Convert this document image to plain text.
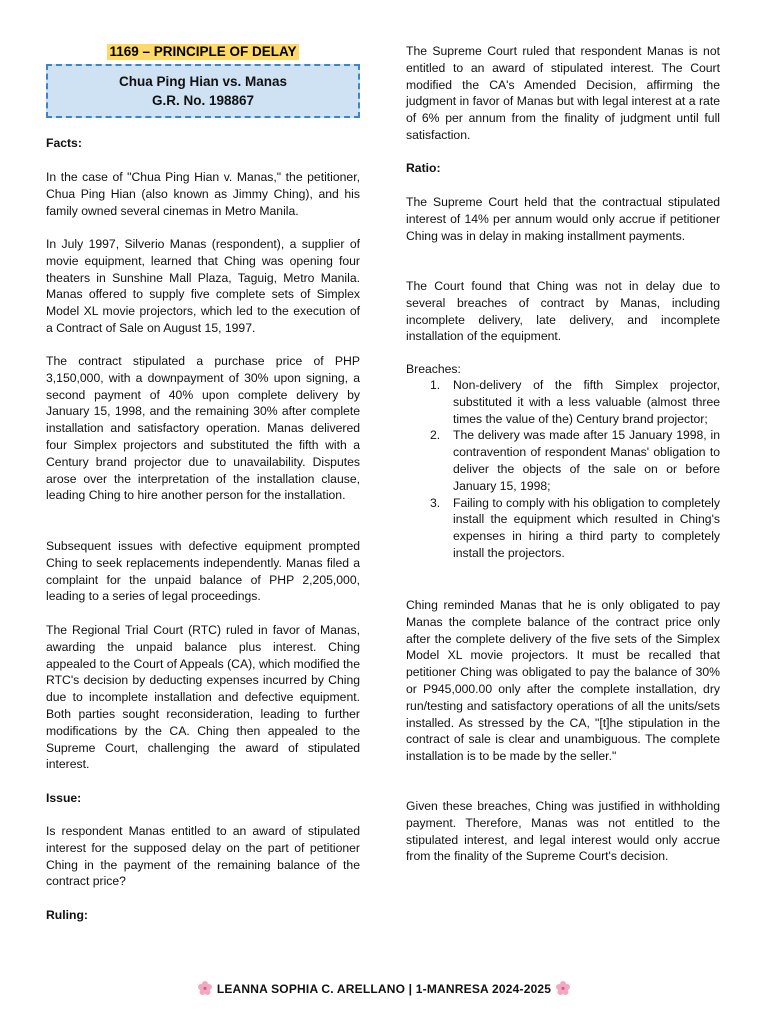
1169 – PRINCIPLE OF DELAY
Chua Ping Hian vs. Manas
G.R. No. 198867

Facts:

In the case of "Chua Ping Hian v. Manas," the petitioner, Chua Ping Hian (also known as Jimmy Ching), and his family owned several cinemas in Metro Manila.

In July 1997, Silverio Manas (respondent), a supplier of movie equipment, learned that Ching was opening four theaters in Sunshine Mall Plaza, Taguig, Metro Manila. Manas offered to supply five complete sets of Simplex Model XL movie projectors, which led to the execution of a Contract of Sale on August 15, 1997.

The contract stipulated a purchase price of PHP 3,150,000, with a downpayment of 30% upon signing, a second payment of 40% upon complete delivery by January 15, 1998, and the remaining 30% after complete installation and satisfactory operation. Manas delivered four Simplex projectors and substituted the fifth with a Century brand projector due to unavailability. Disputes arose over the interpretation of the installation clause, leading Ching to hire another person for the installation.

Subsequent issues with defective equipment prompted Ching to seek replacements independently. Manas filed a complaint for the unpaid balance of PHP 2,205,000, leading to a series of legal proceedings.

The Regional Trial Court (RTC) ruled in favor of Manas, awarding the unpaid balance plus interest. Ching appealed to the Court of Appeals (CA), which modified the RTC's decision by deducting expenses incurred by Ching due to incomplete installation and defective equipment. Both parties sought reconsideration, leading to further modifications by the CA. Ching then appealed to the Supreme Court, challenging the award of stipulated interest.

Issue:

Is respondent Manas entitled to an award of stipulated interest for the supposed delay on the part of petitioner Ching in the payment of the remaining balance of the contract price?

Ruling:

The Supreme Court ruled that respondent Manas is not entitled to an award of stipulated interest. The Court modified the CA's Amended Decision, affirming the judgment in favor of Manas but with legal interest at a rate of 6% per annum from the finality of judgment until full satisfaction.

Ratio:

The Supreme Court held that the contractual stipulated interest of 14% per annum would only accrue if petitioner Ching was in delay in making installment payments.

The Court found that Ching was not in delay due to several breaches of contract by Manas, including incomplete delivery, late delivery, and incomplete installation of the equipment.

Breaches:

1. Non-delivery of the fifth Simplex projector, substituted it with a less valuable (almost three times the value of the) Century brand projector;
2. The delivery was made after 15 January 1998, in contravention of respondent Manas' obligation to deliver the objects of the sale on or before January 15, 1998;
3. Failing to comply with his obligation to completely install the equipment which resulted in Ching's expenses in hiring a third party to completely install the projectors.

Ching reminded Manas that he is only obligated to pay Manas the complete balance of the contract price only after the complete delivery of the five sets of the Simplex Model XL movie projectors. It must be recalled that petitioner Ching was obligated to pay the balance of 30% or P945,000.00 only after the complete installation, dry run/testing and satisfactory operations of all the units/sets installed. As stressed by the CA, "[t]he stipulation in the contract of sale is clear and unambiguous. The complete installation is to be made by the seller."

Given these breaches, Ching was justified in withholding payment. Therefore, Manas was not entitled to the stipulated interest, and legal interest would only accrue from the finality of the Supreme Court's decision.

LEANNA SOPHIA C. ARELLANO | 1-MANRESA 2024-2025
